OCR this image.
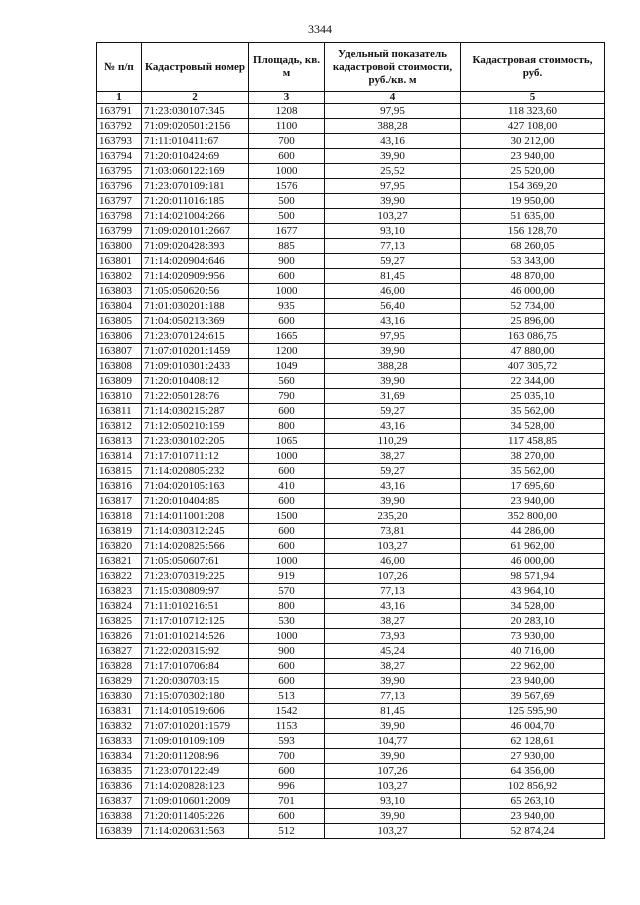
3344
№ п/п	Кадастровый номер	Площадь, кв. м	Удельный показатель кадастровой стоимости, руб./кв. м	Кадастровая стоимость, руб.
1	2	3	4	5
163791	71:23:030107:345	1208	97,95	118 323,60
163792	71:09:020501:2156	1100	388,28	427 108,00
163793	71:11:010411:67	700	43,16	30 212,00
163794	71:20:010424:69	600	39,90	23 940,00
163795	71:03:060122:169	1000	25,52	25 520,00
163796	71:23:070109:181	1576	97,95	154 369,20
163797	71:20:011016:185	500	39,90	19 950,00
163798	71:14:021004:266	500	103,27	51 635,00
163799	71:09:020101:2667	1677	93,10	156 128,70
163800	71:09:020428:393	885	77,13	68 260,05
163801	71:14:020904:646	900	59,27	53 343,00
163802	71:14:020909:956	600	81,45	48 870,00
163803	71:05:050620:56	1000	46,00	46 000,00
163804	71:01:030201:188	935	56,40	52 734,00
163805	71:04:050213:369	600	43,16	25 896,00
163806	71:23:070124:615	1665	97,95	163 086,75
163807	71:07:010201:1459	1200	39,90	47 880,00
163808	71:09:010301:2433	1049	388,28	407 305,72
163809	71:20:010408:12	560	39,90	22 344,00
163810	71:22:050128:76	790	31,69	25 035,10
163811	71:14:030215:287	600	59,27	35 562,00
163812	71:12:050210:159	800	43,16	34 528,00
163813	71:23:030102:205	1065	110,29	117 458,85
163814	71:17:010711:12	1000	38,27	38 270,00
163815	71:14:020805:232	600	59,27	35 562,00
163816	71:04:020105:163	410	43,16	17 695,60
163817	71:20:010404:85	600	39,90	23 940,00
163818	71:14:011001:208	1500	235,20	352 800,00
163819	71:14:030312:245	600	73,81	44 286,00
163820	71:14:020825:566	600	103,27	61 962,00
163821	71:05:050607:61	1000	46,00	46 000,00
163822	71:23:070319:225	919	107,26	98 571,94
163823	71:15:030809:97	570	77,13	43 964,10
163824	71:11:010216:51	800	43,16	34 528,00
163825	71:17:010712:125	530	38,27	20 283,10
163826	71:01:010214:526	1000	73,93	73 930,00
163827	71:22:020315:92	900	45,24	40 716,00
163828	71:17:010706:84	600	38,27	22 962,00
163829	71:20:030703:15	600	39,90	23 940,00
163830	71:15:070302:180	513	77,13	39 567,69
163831	71:14:010519:606	1542	81,45	125 595,90
163832	71:07:010201:1579	1153	39,90	46 004,70
163833	71:09:010109:109	593	104,77	62 128,61
163834	71:20:011208:96	700	39,90	27 930,00
163835	71:23:070122:49	600	107,26	64 356,00
163836	71:14:020828:123	996	103,27	102 856,92
163837	71:09:010601:2009	701	93,10	65 263,10
163838	71:20:011405:226	600	39,90	23 940,00
163839	71:14:020631:563	512	103,27	52 874,24
